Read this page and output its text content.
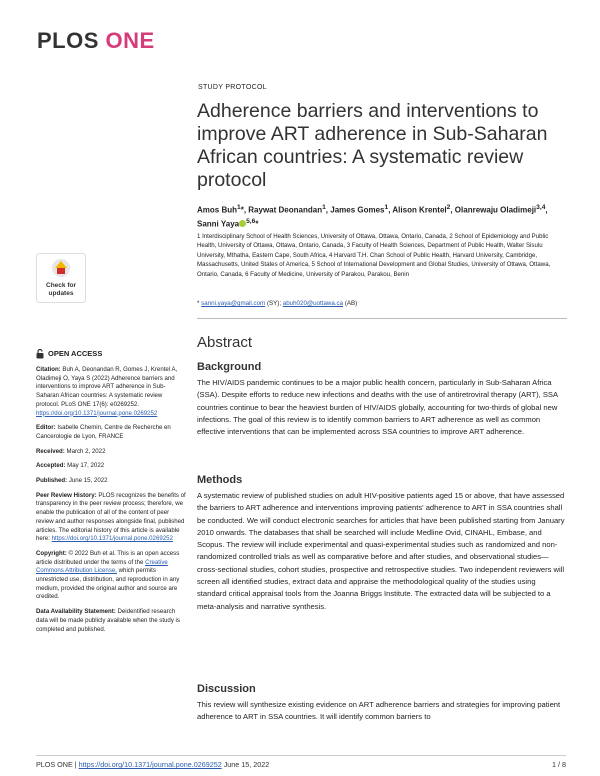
PLOS ONE
STUDY PROTOCOL
Adherence barriers and interventions to improve ART adherence in Sub-Saharan African countries: A systematic review protocol
Amos Buh$^1$*, Raywat Deonandan$^1$, James Gomes$^1$, Alison Krentel$^2$, Olanrewaju Oladimeji$^{3,4}$, Sanni Yaya $^{5,6}$*
1 Interdisciplinary School of Health Sciences, University of Ottawa, Ottawa, Ontario, Canada, 2 School of Epidemiology and Public Health, University of Ottawa, Ottawa, Ontario, Canada, 3 Faculty of Health Sciences, Department of Public Health, Walter Sisulu University, Mthatha, Eastern Cape, South Africa, 4 Harvard T.H. Chan School of Public Health, Harvard University, Cambridge, Massachusetts, United States of America, 5 School of International Development and Global Studies, University of Ottawa, Ottawa, Ontario, Canada, 6 Faculty of Medicine, University of Parakou, Parakou, Benin
* sanni.yaya@gmail.com (SY); abuh020@uottawa.ca (AB)
Abstract
Background

The HIV/AIDS pandemic continues to be a major public health concern, particularly in Sub-Saharan Africa (SSA). Despite efforts to reduce new infections and deaths with the use of antiretroviral therapy (ART), SSA countries continue to bear the heaviest burden of HIV/AIDS globally, accounting for two-thirds of global new infections. The goal of this review is to identify common barriers to ART adherence as well as common effective interventions that can be implemented across SSA countries to improve ART adherence.

Methods

A systematic review of published studies on adult HIV-positive patients aged 15 or above, that have assessed the barriers to ART adherence and interventions improving patients' adherence to ART in SSA countries shall be conducted. We will conduct electronic searches for articles that have been published starting from January 2010 onwards. The databases that shall be searched will include Medline Ovid, CINAHL, Embase, and Scopus. The review will include experimental and quasi-experimental studies such as randomized and non-randomized controlled trials as well as comparative before and after studies, and observational studies—cross-sectional studies, cohort studies, prospective and retrospective studies. Two independent reviewers will screen all identified studies, extract data and appraise the methodological quality of the studies using standard critical appraisal tools from the Joanna Briggs Institute. The extracted data will be subjected to a meta-analysis and narrative synthesis.

Discussion

This review will synthesize existing evidence on ART adherence barriers and strategies for improving patient adherence to ART in SSA countries. It will identify common barriers to

Check for
updates
OPEN ACCESS
Citation: Buh A, Deonandan R, Gomes J, Krentel A, Oladimeji O, Yaya S (2022) Adherence barriers and interventions to improve ART adherence in Sub-Saharan African countries: A systematic review protocol. PLoS ONE 17(6): e0269252. https://doi.org/10.1371/journal.pone.0269252
Editor: Isabelle Chemin, Centre de Recherche en Cancerologie de Lyon, FRANCE
Received: March 2, 2022
Accepted: May 17, 2022
Published: June 15, 2022
Peer Review History: PLOS recognizes the benefits of transparency in the peer review process; therefore, we enable the publication of all of the content of peer review and author responses alongside final, published articles. The editorial history of this article is available here: https://doi.org/10.1371/journal.pone.0269252
Copyright: © 2022 Buh et al. This is an open access article distributed under the terms of the Creative Commons Attribution License, which permits unrestricted use, distribution, and reproduction in any medium, provided the original author and source are credited.
Data Availability Statement: Deidentified research data will be made publicly available when the study is completed and published.
PLOS ONE | https://doi.org/10.1371/journal.pone.0269252 June 15, 2022	1 / 8
